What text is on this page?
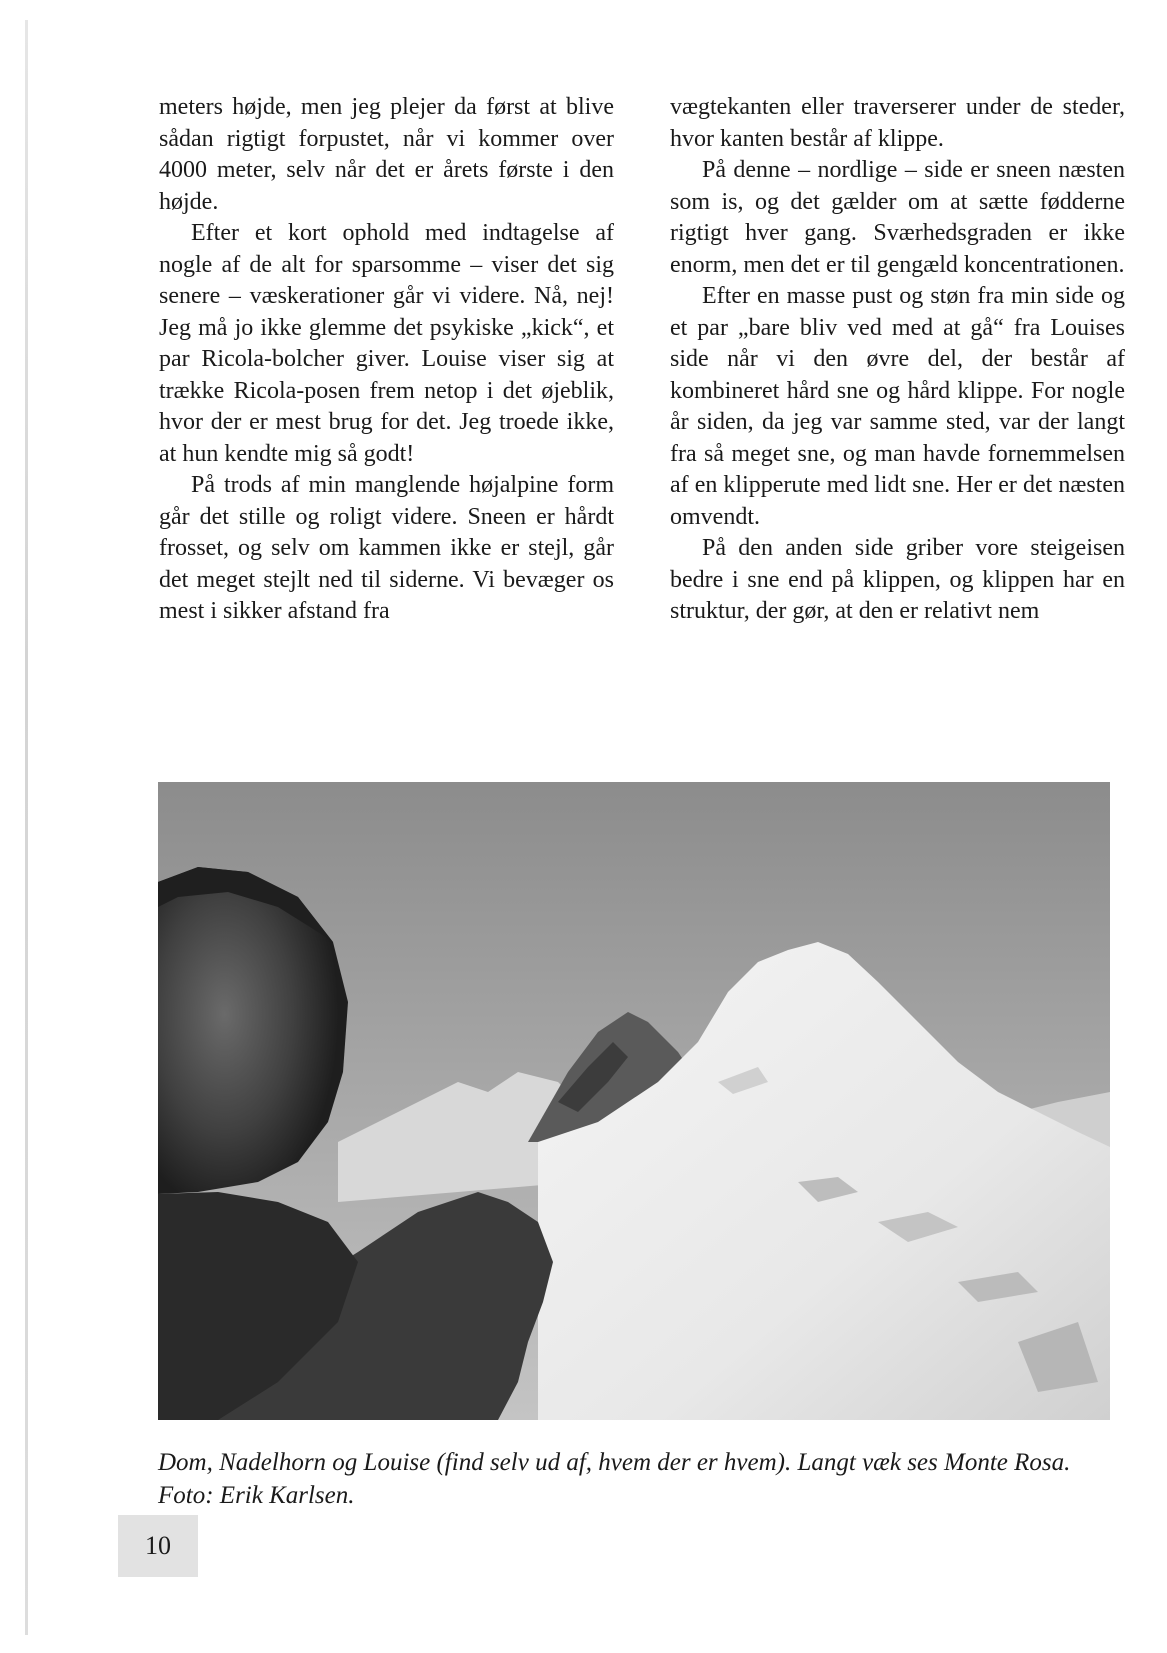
meters højde, men jeg plejer da først at blive sådan rigtigt forpustet, når vi kommer over 4000 meter, selv når det er årets første i den højde.

Efter et kort ophold med indtagelse af nogle af de alt for sparsomme – viser det sig senere – væskerationer går vi videre. Nå, nej! Jeg må jo ikke glemme det psykiske „kick“, et par Ricola-bolcher giver. Louise viser sig at trække Ricola-posen frem netop i det øjeblik, hvor der er mest brug for det. Jeg troede ikke, at hun kendte mig så godt!

På trods af min manglende højalpine form går det stille og roligt videre. Sneen er hårdt frosset, og selv om kammen ikke er stejl, går det meget stejlt ned til siderne. Vi bevæger os mest i sikker afstand fra

vægtekanten eller traverserer under de steder, hvor kanten består af klippe.

På denne – nordlige – side er sneen næsten som is, og det gælder om at sætte fødderne rigtigt hver gang. Sværhedsgraden er ikke enorm, men det er til gengæld koncentrationen.

Efter en masse pust og støn fra min side og et par „bare bliv ved med at gå“ fra Louises side når vi den øvre del, der består af kombineret hård sne og hård klippe. For nogle år siden, da jeg var samme sted, var der langt fra så meget sne, og man havde fornemmelsen af en klipperute med lidt sne. Her er det næsten omvendt.

På den anden side griber vore steigeisen bedre i sne end på klippen, og klippen har en struktur, der gør, at den er relativt nem

Dom, Nadelhorn og Louise (find selv ud af, hvem der er hvem). Langt væk ses Monte Rosa. Foto: Erik Karlsen.
10
